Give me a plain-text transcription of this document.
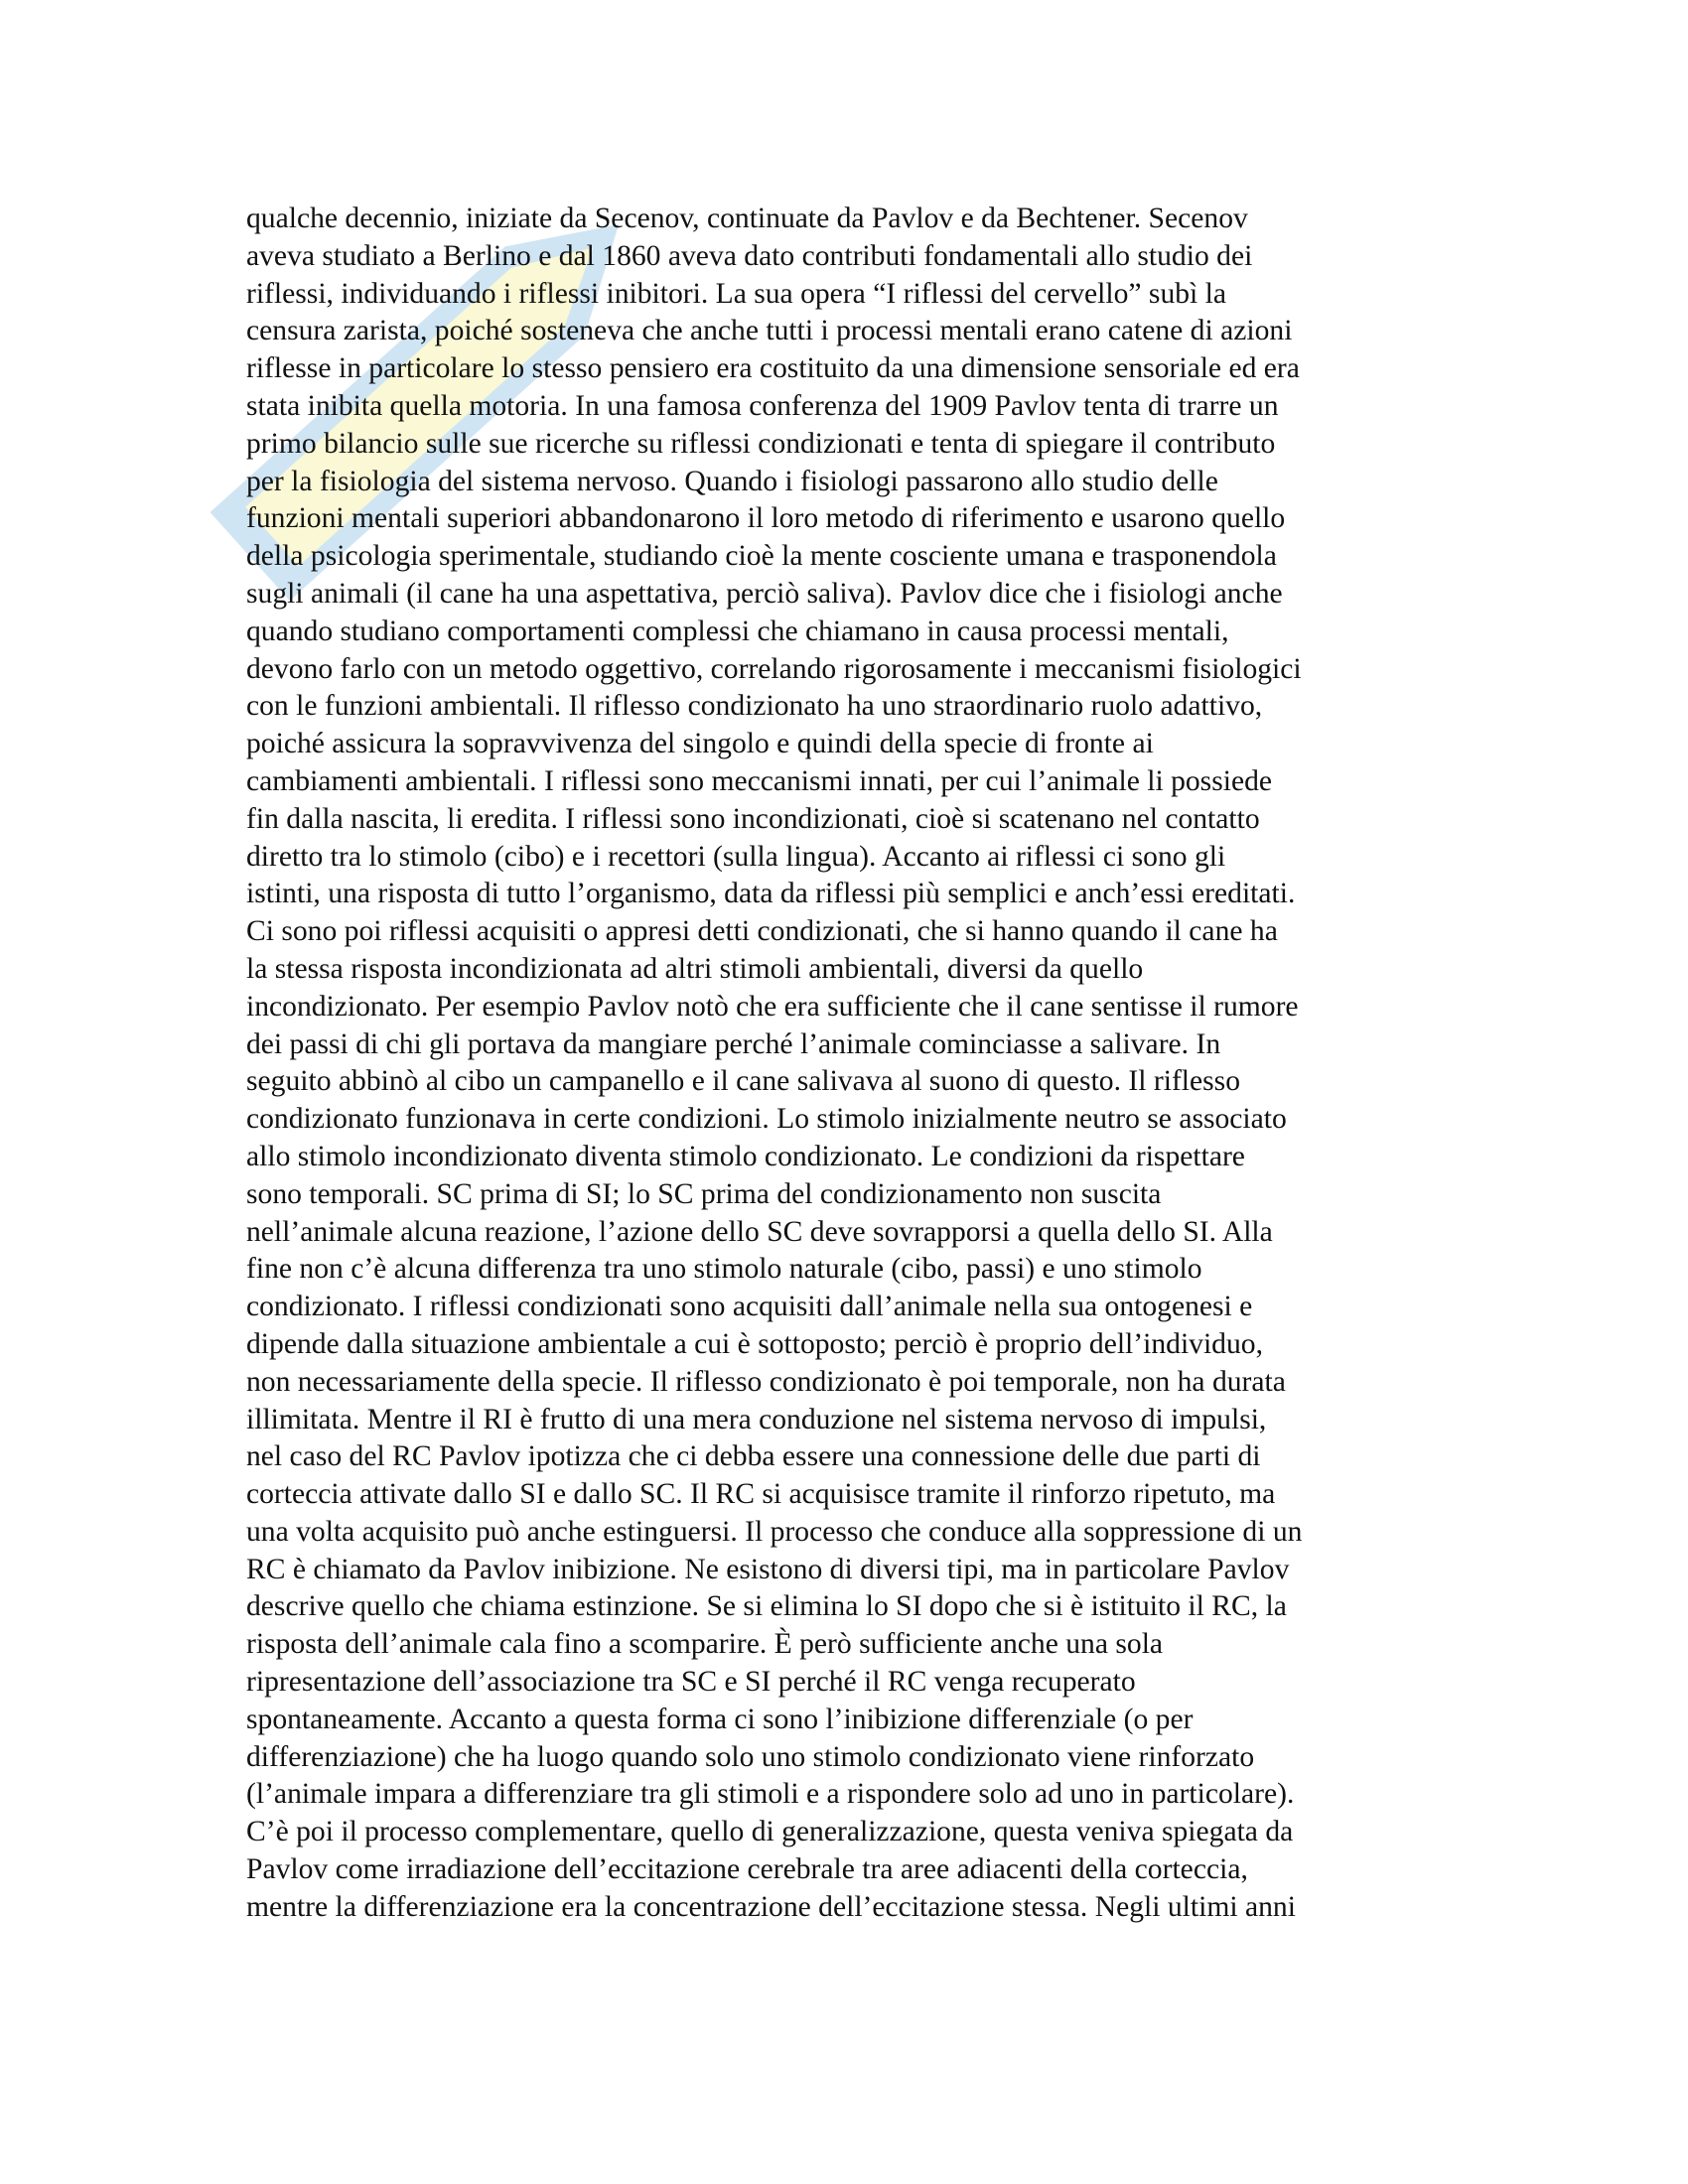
qualche decennio, iniziate da Secenov, continuate da Pavlov e da Bechtener. Secenov
aveva studiato a Berlino e dal 1860 aveva dato contributi fondamentali allo studio dei
riflessi, individuando i riflessi inibitori. La sua opera “I riflessi del cervello” subì la
censura zarista, poiché sosteneva che anche tutti i processi mentali erano catene di azioni
riflesse in particolare lo stesso pensiero era costituito da una dimensione sensoriale ed era
stata inibita quella motoria. In una famosa conferenza del 1909 Pavlov tenta di trarre un
primo bilancio sulle sue ricerche su riflessi condizionati e tenta di spiegare il contributo
per la fisiologia del sistema nervoso. Quando i fisiologi passarono allo studio delle
funzioni mentali superiori abbandonarono il loro metodo di riferimento e usarono quello
della psicologia sperimentale, studiando cioè la mente cosciente umana e trasponendola
sugli animali (il cane ha una aspettativa, perciò saliva). Pavlov dice che i fisiologi anche
quando studiano comportamenti complessi che chiamano in causa processi mentali,
devono farlo con un metodo oggettivo, correlando rigorosamente i meccanismi fisiologici
con le funzioni ambientali. Il riflesso condizionato ha uno straordinario ruolo adattivo,
poiché assicura la sopravvivenza del singolo e quindi della specie di fronte ai
cambiamenti ambientali. I riflessi sono meccanismi innati, per cui l’animale li possiede
fin dalla nascita, li eredita. I riflessi sono incondizionati, cioè si scatenano nel contatto
diretto tra lo stimolo (cibo) e i recettori (sulla lingua). Accanto ai riflessi ci sono gli
istinti, una risposta di tutto l’organismo, data da riflessi più semplici e anch’essi ereditati.
Ci sono poi riflessi acquisiti o appresi detti condizionati, che si hanno quando il cane ha
la stessa risposta incondizionata ad altri stimoli ambientali, diversi da quello
incondizionato. Per esempio Pavlov notò che era sufficiente che il cane sentisse il rumore
dei passi di chi gli portava da mangiare perché l’animale cominciasse a salivare. In
seguito abbinò al cibo un campanello e il cane salivava al suono di questo. Il riflesso
condizionato funzionava in certe condizioni. Lo stimolo inizialmente neutro se associato
allo stimolo incondizionato diventa stimolo condizionato. Le condizioni da rispettare
sono temporali. SC prima di SI; lo SC prima del condizionamento non suscita
nell’animale alcuna reazione, l’azione dello SC deve sovrapporsi a quella dello SI. Alla
fine non c’è alcuna differenza tra uno stimolo naturale (cibo, passi) e uno stimolo
condizionato. I riflessi condizionati sono acquisiti dall’animale nella sua ontogenesi e
dipende dalla situazione ambientale a cui è sottoposto; perciò è proprio dell’individuo,
non necessariamente della specie. Il riflesso condizionato è poi temporale, non ha durata
illimitata. Mentre il RI è frutto di una mera conduzione nel sistema nervoso di impulsi,
nel caso del RC Pavlov ipotizza che ci debba essere una connessione delle due parti di
corteccia attivate dallo SI e dallo SC. Il RC si acquisisce tramite il rinforzo ripetuto, ma
una volta acquisito può anche estinguersi. Il processo che conduce alla soppressione di un
RC è chiamato da Pavlov inibizione. Ne esistono di diversi tipi, ma in particolare Pavlov
descrive quello che chiama estinzione. Se si elimina lo SI dopo che si è istituito il RC, la
risposta dell’animale cala fino a scomparire. È però sufficiente anche una sola
ripresentazione dell’associazione tra SC e SI perché il RC venga recuperato
spontaneamente. Accanto a questa forma ci sono l’inibizione differenziale (o per
differenziazione) che ha luogo quando solo uno stimolo condizionato viene rinforzato
(l’animale impara a differenziare tra gli stimoli e a rispondere solo ad uno in particolare).
C’è poi il processo complementare, quello di generalizzazione, questa veniva spiegata da
Pavlov come irradiazione dell’eccitazione cerebrale tra aree adiacenti della corteccia,
mentre la differenziazione era la concentrazione dell’eccitazione stessa. Negli ultimi anni
